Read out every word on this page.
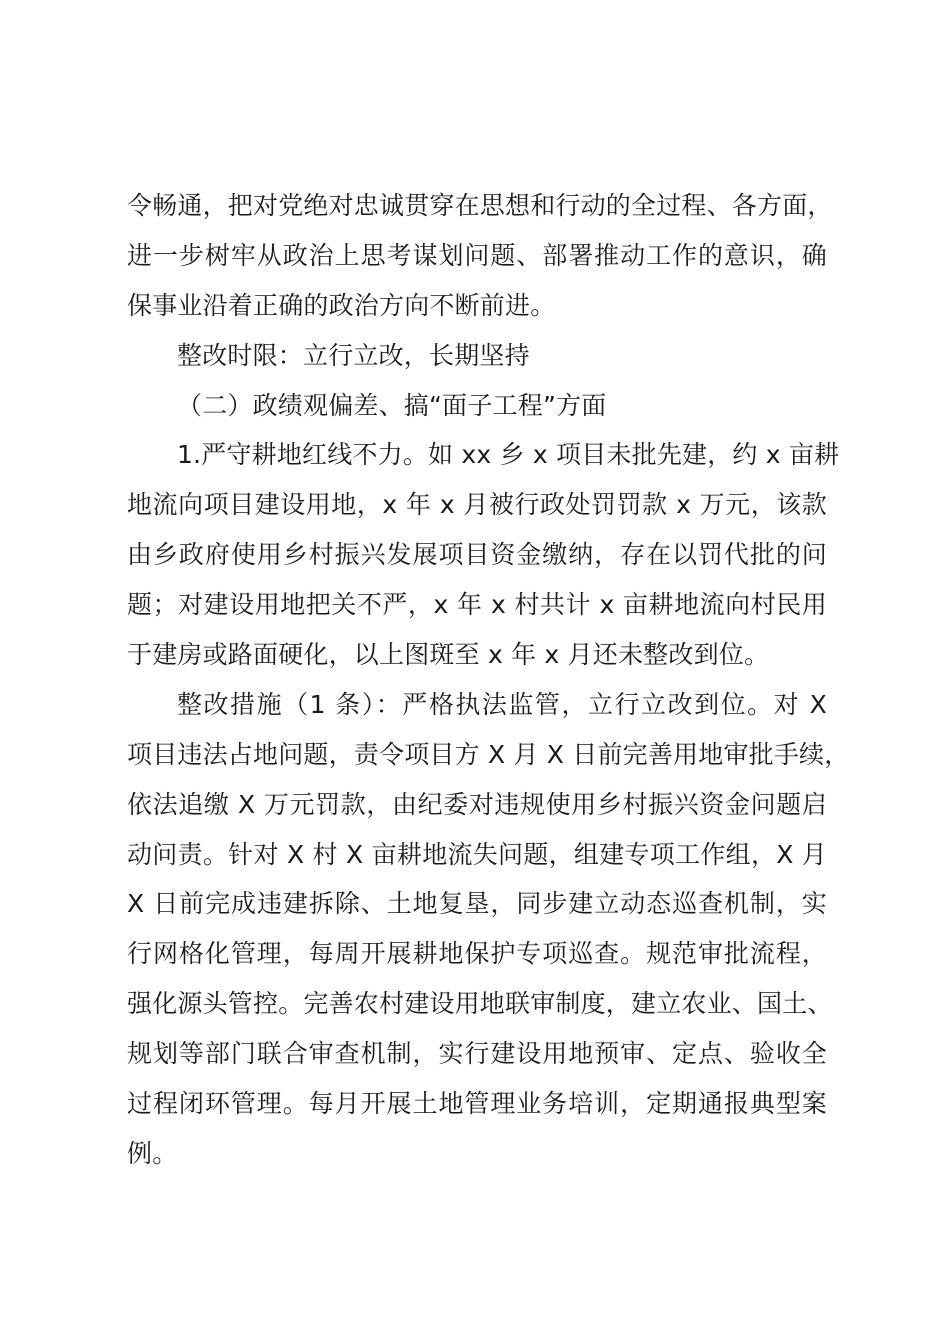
令畅通，把对党绝对忠诚贯穿在思想和行动的全过程、各方面，
进一步树牢从政治上思考谋划问题、部署推动工作的意识，确
保事业沿着正确的政治方向不断前进。
整改时限：立行立改，长期坚持
（二）政绩观偏差、搞“面子工程”方面
1.严守耕地红线不力。如 xx 乡 x 项目未批先建，约 x 亩耕
地流向项目建设用地，x 年 x 月被行政处罚罚款 x 万元，该款
由乡政府使用乡村振兴发展项目资金缴纳，存在以罚代批的问
题；对建设用地把关不严，x 年 x 村共计 x 亩耕地流向村民用
于建房或路面硬化，以上图斑至 x 年 x 月还未整改到位。
整改措施（1 条）：严格执法监管，立行立改到位。对 X
项目违法占地问题，责令项目方 X 月 X 日前完善用地审批手续，
依法追缴 X 万元罚款，由纪委对违规使用乡村振兴资金问题启
动问责。针对 X 村 X 亩耕地流失问题，组建专项工作组，X 月
X 日前完成违建拆除、土地复垦，同步建立动态巡查机制，实
行网格化管理，每周开展耕地保护专项巡查。规范审批流程，
强化源头管控。完善农村建设用地联审制度，建立农业、国土、
规划等部门联合审查机制，实行建设用地预审、定点、验收全
过程闭环管理。每月开展土地管理业务培训，定期通报典型案
例。
